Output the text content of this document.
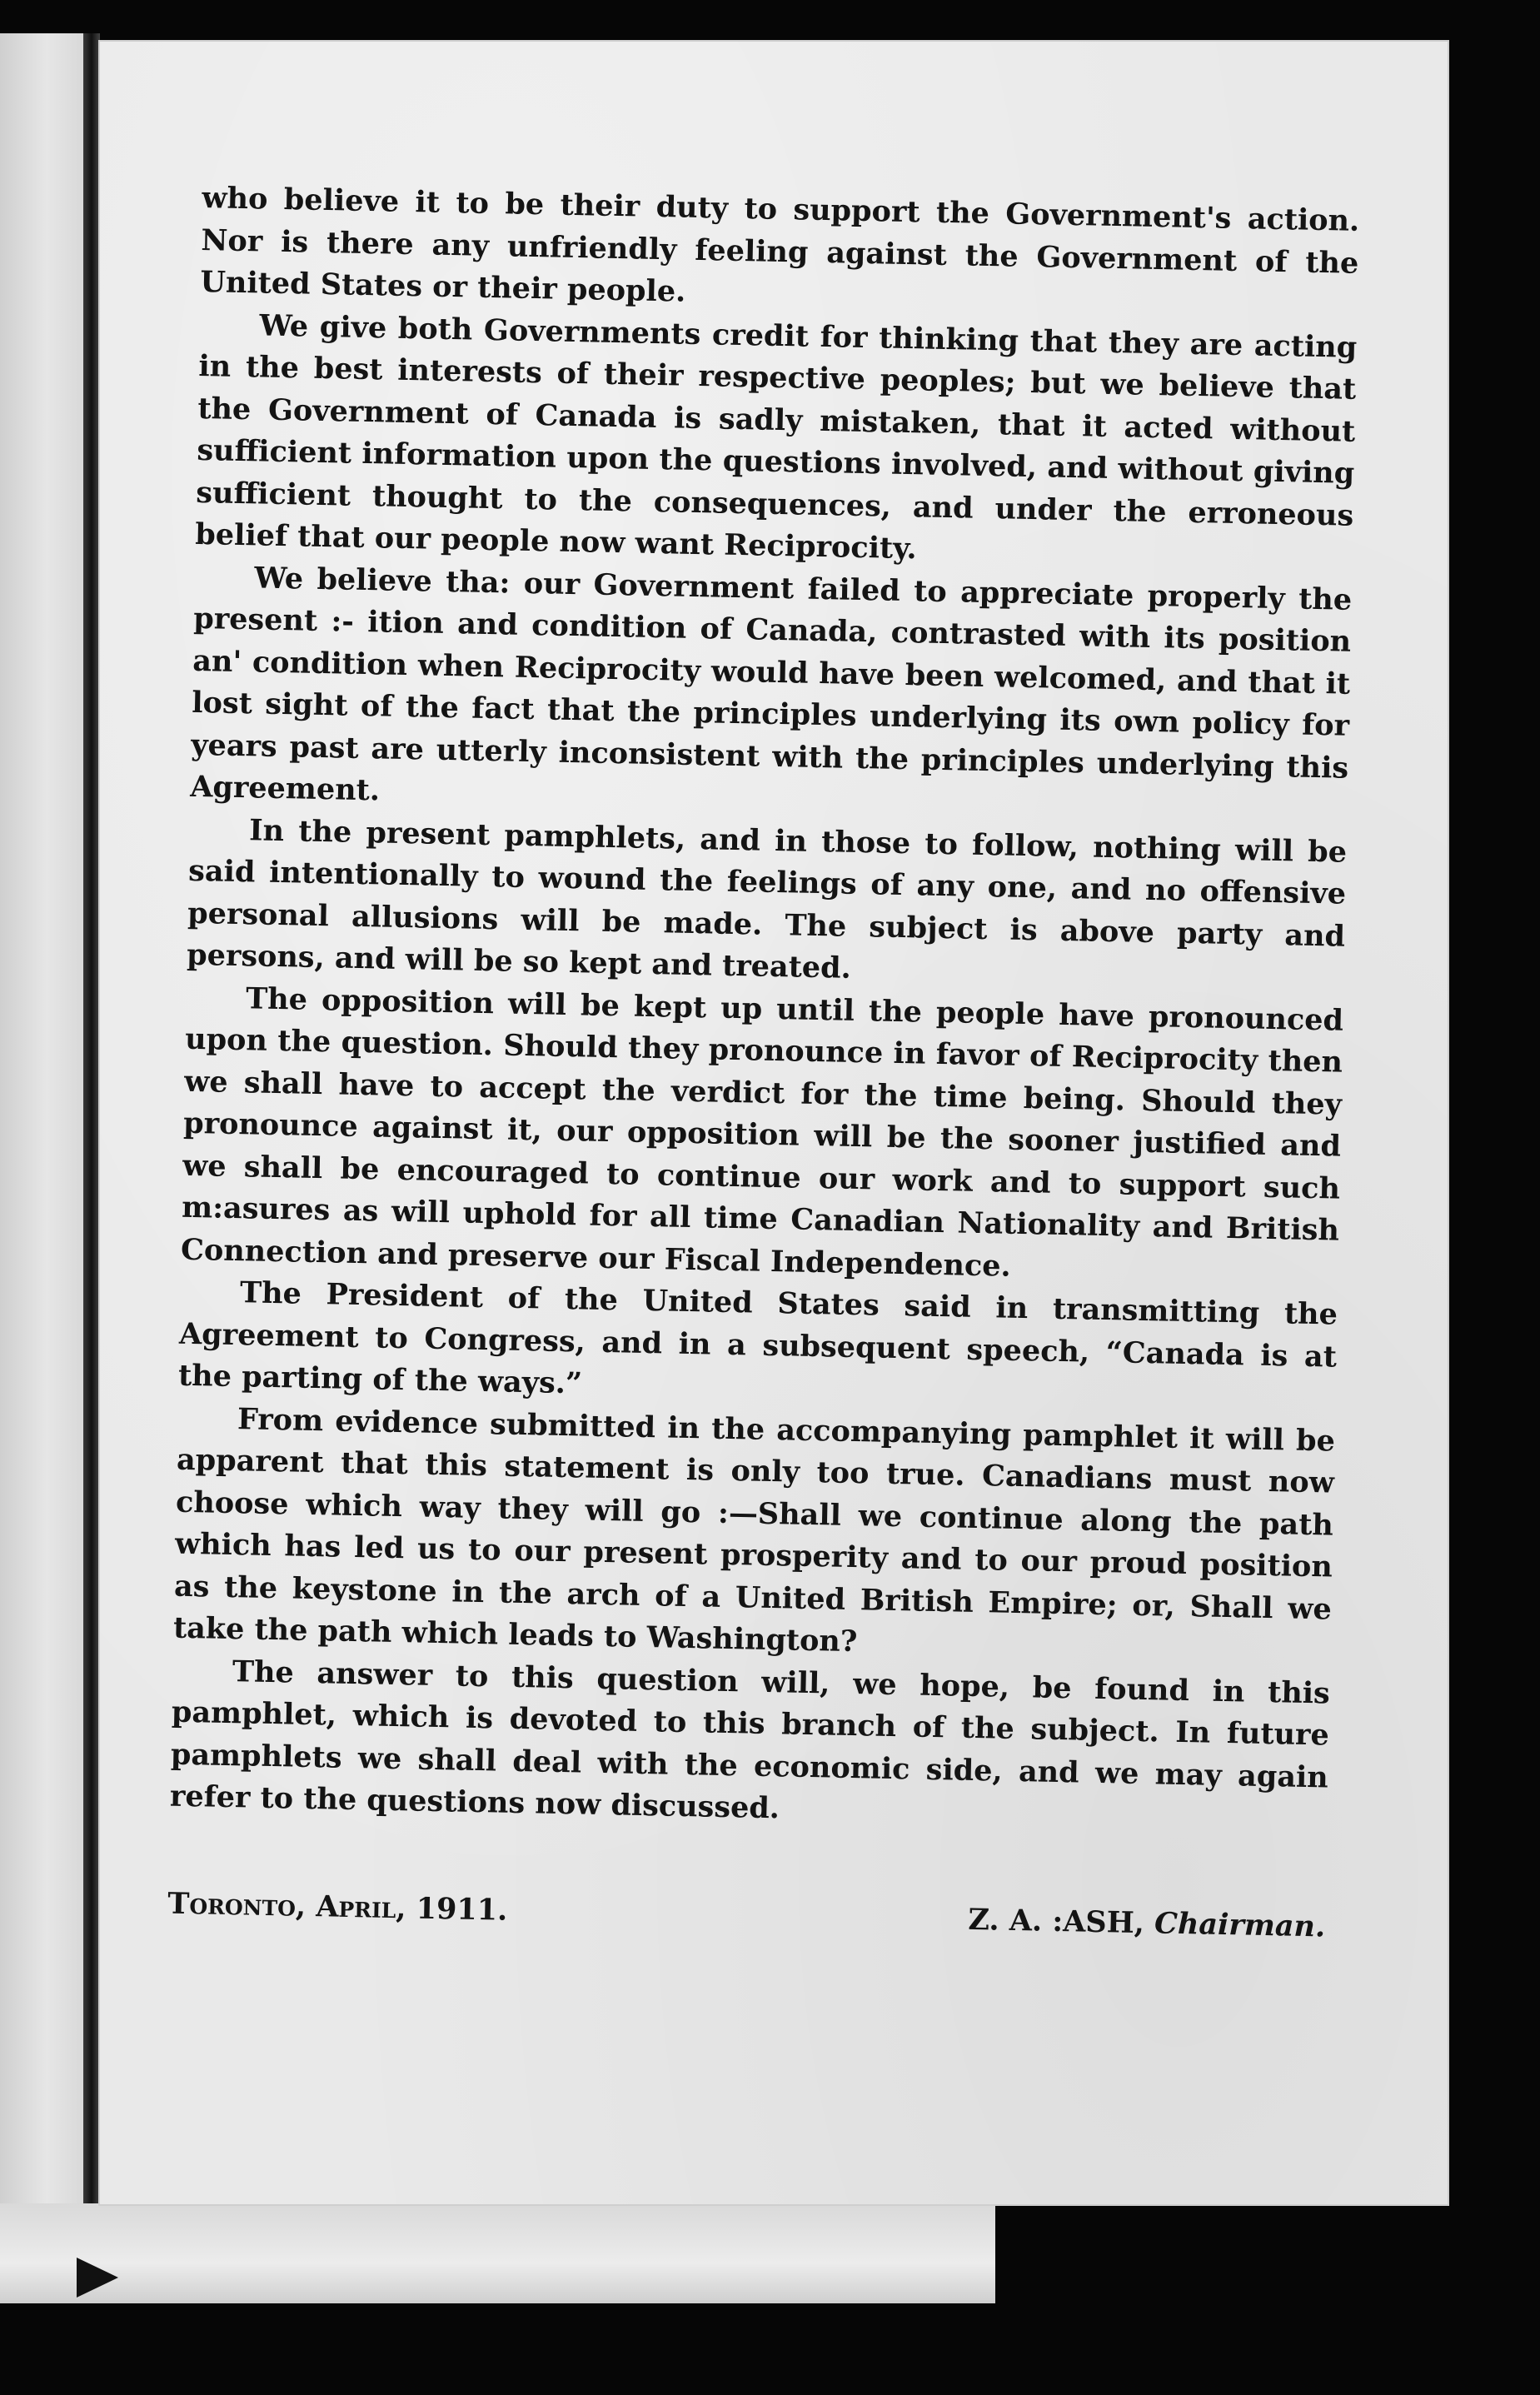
who believe it to be their duty to support the Government's action. Nor is there any unfriendly feeling against the Government of the United States or their people.

We give both Governments credit for thinking that they are acting in the best interests of their respective peoples; but we believe that the Government of Canada is sadly mistaken, that it acted without sufficient information upon the questions involved, and without giving sufficient thought to the consequences, and under the erroneous belief that our people now want Reciprocity.

We believe tha: our Government failed to appreciate properly the present :- ition and condition of Canada, contrasted with its position an' condition when Reciprocity would have been welcomed, and that it lost sight of the fact that the principles underlying its own policy for years past are utterly inconsistent with the principles underlying this Agreement.

In the present pamphlets, and in those to follow, nothing will be said intentionally to wound the feelings of any one, and no offensive personal allusions will be made. The subject is above party and persons, and will be so kept and treated.

The opposition will be kept up until the people have pronounced upon the question. Should they pronounce in favor of Reciprocity then we shall have to accept the verdict for the time being. Should they pronounce against it, our opposition will be the sooner justified and we shall be encouraged to continue our work and to support such m:asures as will uphold for all time Canadian Nationality and British Connection and preserve our Fiscal Independence.

The President of the United States said in transmitting the Agreement to Congress, and in a subsequent speech, “Canada is at the parting of the ways.”

From evidence submitted in the accompanying pamphlet it will be apparent that this statement is only too true. Canadians must now choose which way they will go :—Shall we continue along the path which has led us to our present prosperity and to our proud position as the keystone in the arch of a United British Empire; or, Shall we take the path which leads to Washington?

The answer to this question will, we hope, be found in this pamphlet, which is devoted to this branch of the subject. In future pamphlets we shall deal with the economic side, and we may again refer to the questions now discussed.

Toronto, April, 1911.	Z. A. :ASH, Chairman.
